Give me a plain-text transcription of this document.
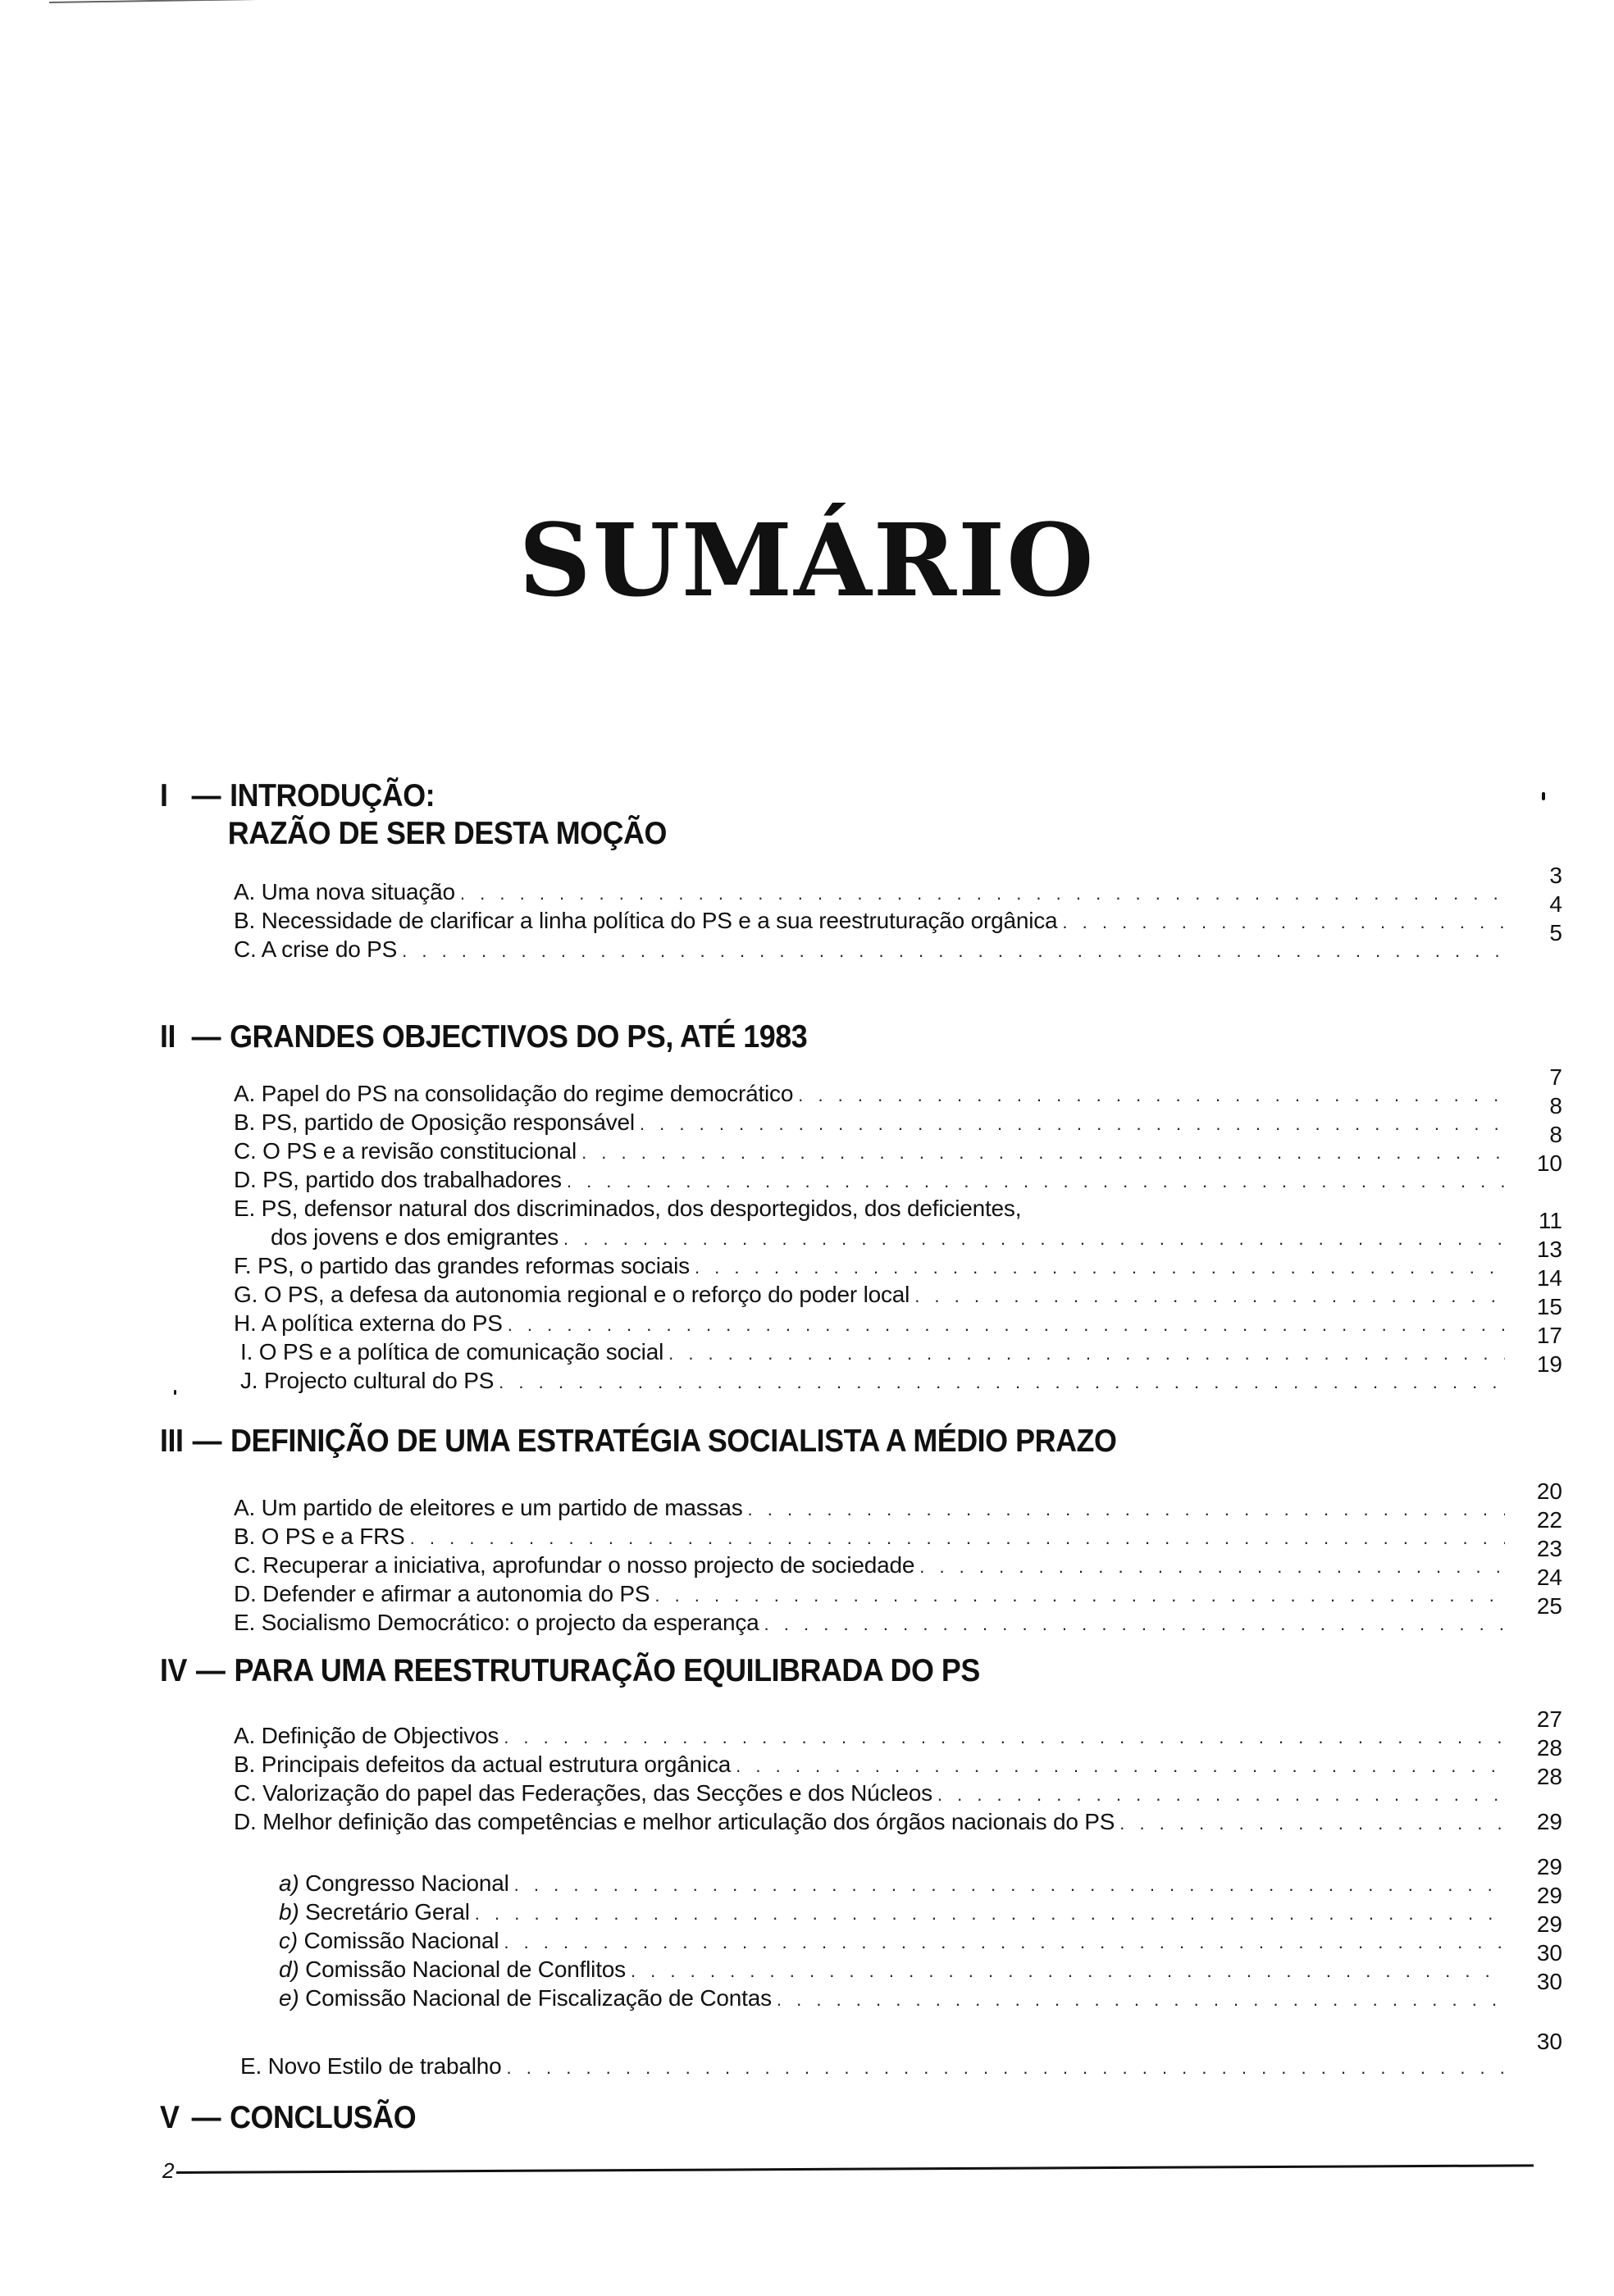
SUMÁRIO
I — INTRODUÇÃO:
RAZÃO DE SER DESTA MOÇÃO
A. Uma nova situação
. . .
3
B. Necessidade de clarificar a linha política do PS e a sua reestruturação orgânica
. . .
4
C. A crise do PS
. . .
5
II — GRANDES OBJECTIVOS DO PS, ATÉ 1983
A. Papel do PS na consolidação do regime democrático
. . .
7
B. PS, partido de Oposição responsável
. . .
8
C. O PS e a revisão constitucional
. . .
8
D. PS, partido dos trabalhadores
. . .
10
E. PS, defensor natural dos discriminados, dos desportegidos, dos deficientes,
dos jovens e dos emigrantes
. . .
11
F. PS, o partido das grandes reformas sociais
. . .
13
G. O PS, a defesa da autonomia regional e o reforço do poder local
. . .
14
H. A política externa do PS
. . .
15
I. O PS e a política de comunicação social
. . .
17
J. Projecto cultural do PS
. . .
19
III — DEFINIÇÃO DE UMA ESTRATÉGIA SOCIALISTA A MÉDIO PRAZO
A. Um partido de eleitores e um partido de massas
. . .
20
B. O PS e a FRS
. . .
22
C. Recuperar a iniciativa, aprofundar o nosso projecto de sociedade
. . .
23
D. Defender e afirmar a autonomia do PS
. . .
24
E. Socialismo Democrático: o projecto da esperança
. . .
25
IV — PARA UMA REESTRUTURAÇÃO EQUILIBRADA DO PS
A. Definição de Objectivos
. . .
27
B. Principais defeitos da actual estrutura orgânica
. . .
28
C. Valorização do papel das Federações, das Secções e dos Núcleos
. . .
28
D. Melhor definição das competências e melhor articulação dos órgãos nacionais do PS . . .	29
a) Congresso Nacional
. . .
29
b) Secretário Geral
. . .
29
c) Comissão Nacional
. . .
29
d) Comissão Nacional de Conflitos
. . .
30
e) Comissão Nacional de Fiscalização de Contas
. . .
30
E. Novo Estilo de trabalho
. . .
30
V — CONCLUSÃO
2
